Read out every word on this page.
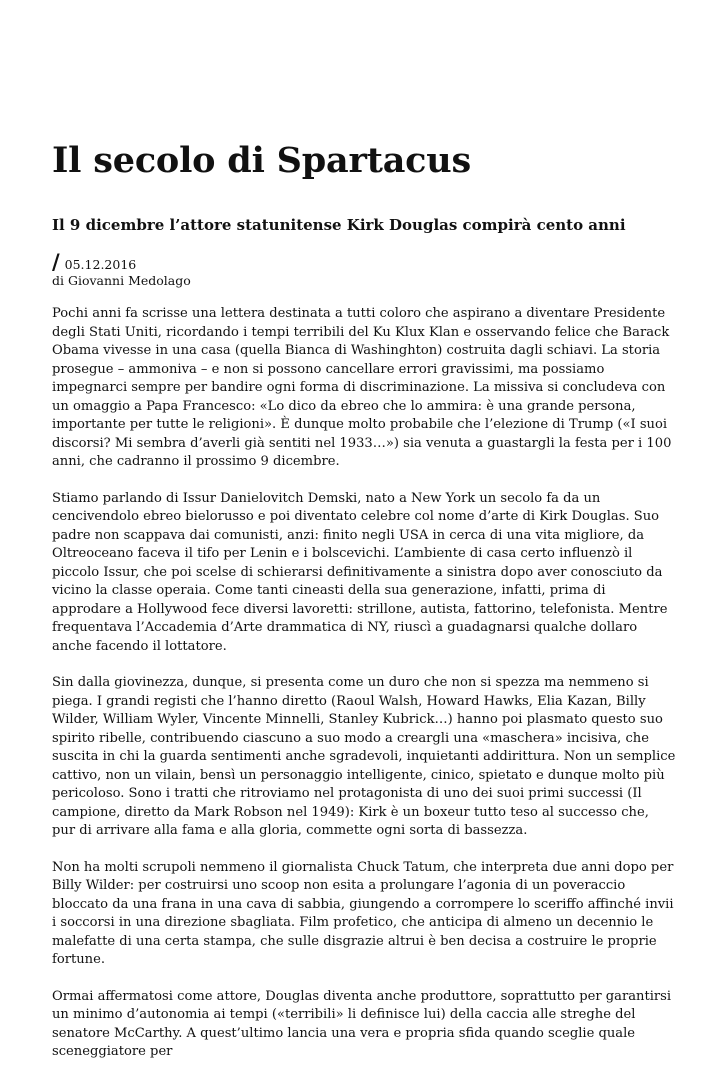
Il secolo di Spartacus
Il 9 dicembre l’attore statunitense Kirk Douglas compirà cento anni
/ 05.12.2016
di Giovanni Medolago

Pochi anni fa scrisse una lettera destinata a tutti coloro che aspirano a diventare Presidente degli Stati Uniti, ricordando i tempi terribili del Ku Klux Klan e osservando felice che Barack Obama vivesse in una casa (quella Bianca di Washinghton) costruita dagli schiavi. La storia prosegue – ammoniva – e non si possono cancellare errori gravissimi, ma possiamo impegnarci sempre per bandire ogni forma di discriminazione. La missiva si concludeva con un omaggio a Papa Francesco: «Lo dico da ebreo che lo ammira: è una grande persona, importante per tutte le religioni». È dunque molto probabile che l’elezione di Trump («I suoi discorsi? Mi sembra d’averli già sentiti nel 1933…») sia venuta a guastargli la festa per i 100 anni, che cadranno il prossimo 9 dicembre.

Stiamo parlando di Issur Danielovitch Demski, nato a New York un secolo fa da un cencivendolo ebreo bielorusso e poi diventato celebre col nome d’arte di Kirk Douglas. Suo padre non scappava dai comunisti, anzi: finito negli USA in cerca di una vita migliore, da Oltreoceano faceva il tifo per Lenin e i bolscevichi. L’ambiente di casa certo influenzò il piccolo Issur, che poi scelse di schierarsi definitivamente a sinistra dopo aver conosciuto da vicino la classe operaia. Come tanti cineasti della sua generazione, infatti, prima di approdare a Hollywood fece diversi lavoretti: strillone, autista, fattorino, telefonista. Mentre frequentava l’Accademia d’Arte drammatica di NY, riuscì a guadagnarsi qualche dollaro anche facendo il lottatore.

Sin dalla giovinezza, dunque, si presenta come un duro che non si spezza ma nemmeno si piega. I grandi registi che l’hanno diretto (Raoul Walsh, Howard Hawks, Elia Kazan, Billy Wilder, William Wyler, Vincente Minnelli, Stanley Kubrick…) hanno poi plasmato questo suo spirito ribelle, contribuendo ciascuno a suo modo a creargli una «maschera» incisiva, che suscita in chi la guarda sentimenti anche sgradevoli, inquietanti addirittura. Non un semplice cattivo, non un vilain, bensì un personaggio intelligente, cinico, spietato e dunque molto più pericoloso. Sono i tratti che ritroviamo nel protagonista di uno dei suoi primi successi (Il campione, diretto da Mark Robson nel 1949): Kirk è un boxeur tutto teso al successo che, pur di arrivare alla fama e alla gloria, commette ogni sorta di bassezza.

Non ha molti scrupoli nemmeno il giornalista Chuck Tatum, che interpreta due anni dopo per Billy Wilder: per costruirsi uno scoop non esita a prolungare l’agonia di un poveraccio bloccato da una frana in una cava di sabbia, giungendo a corrompere lo sceriffo affinché invii i soccorsi in una direzione sbagliata. Film profetico, che anticipa di almeno un decennio le malefatte di una certa stampa, che sulle disgrazie altrui è ben decisa a costruire le proprie fortune.

Ormai affermatosi come attore, Douglas diventa anche produttore, soprattutto per garantirsi un minimo d’autonomia ai tempi («terribili» li definisce lui) della caccia alle streghe del senatore McCarthy. A quest’ultimo lancia una vera e propria sfida quando sceglie quale sceneggiatore per
